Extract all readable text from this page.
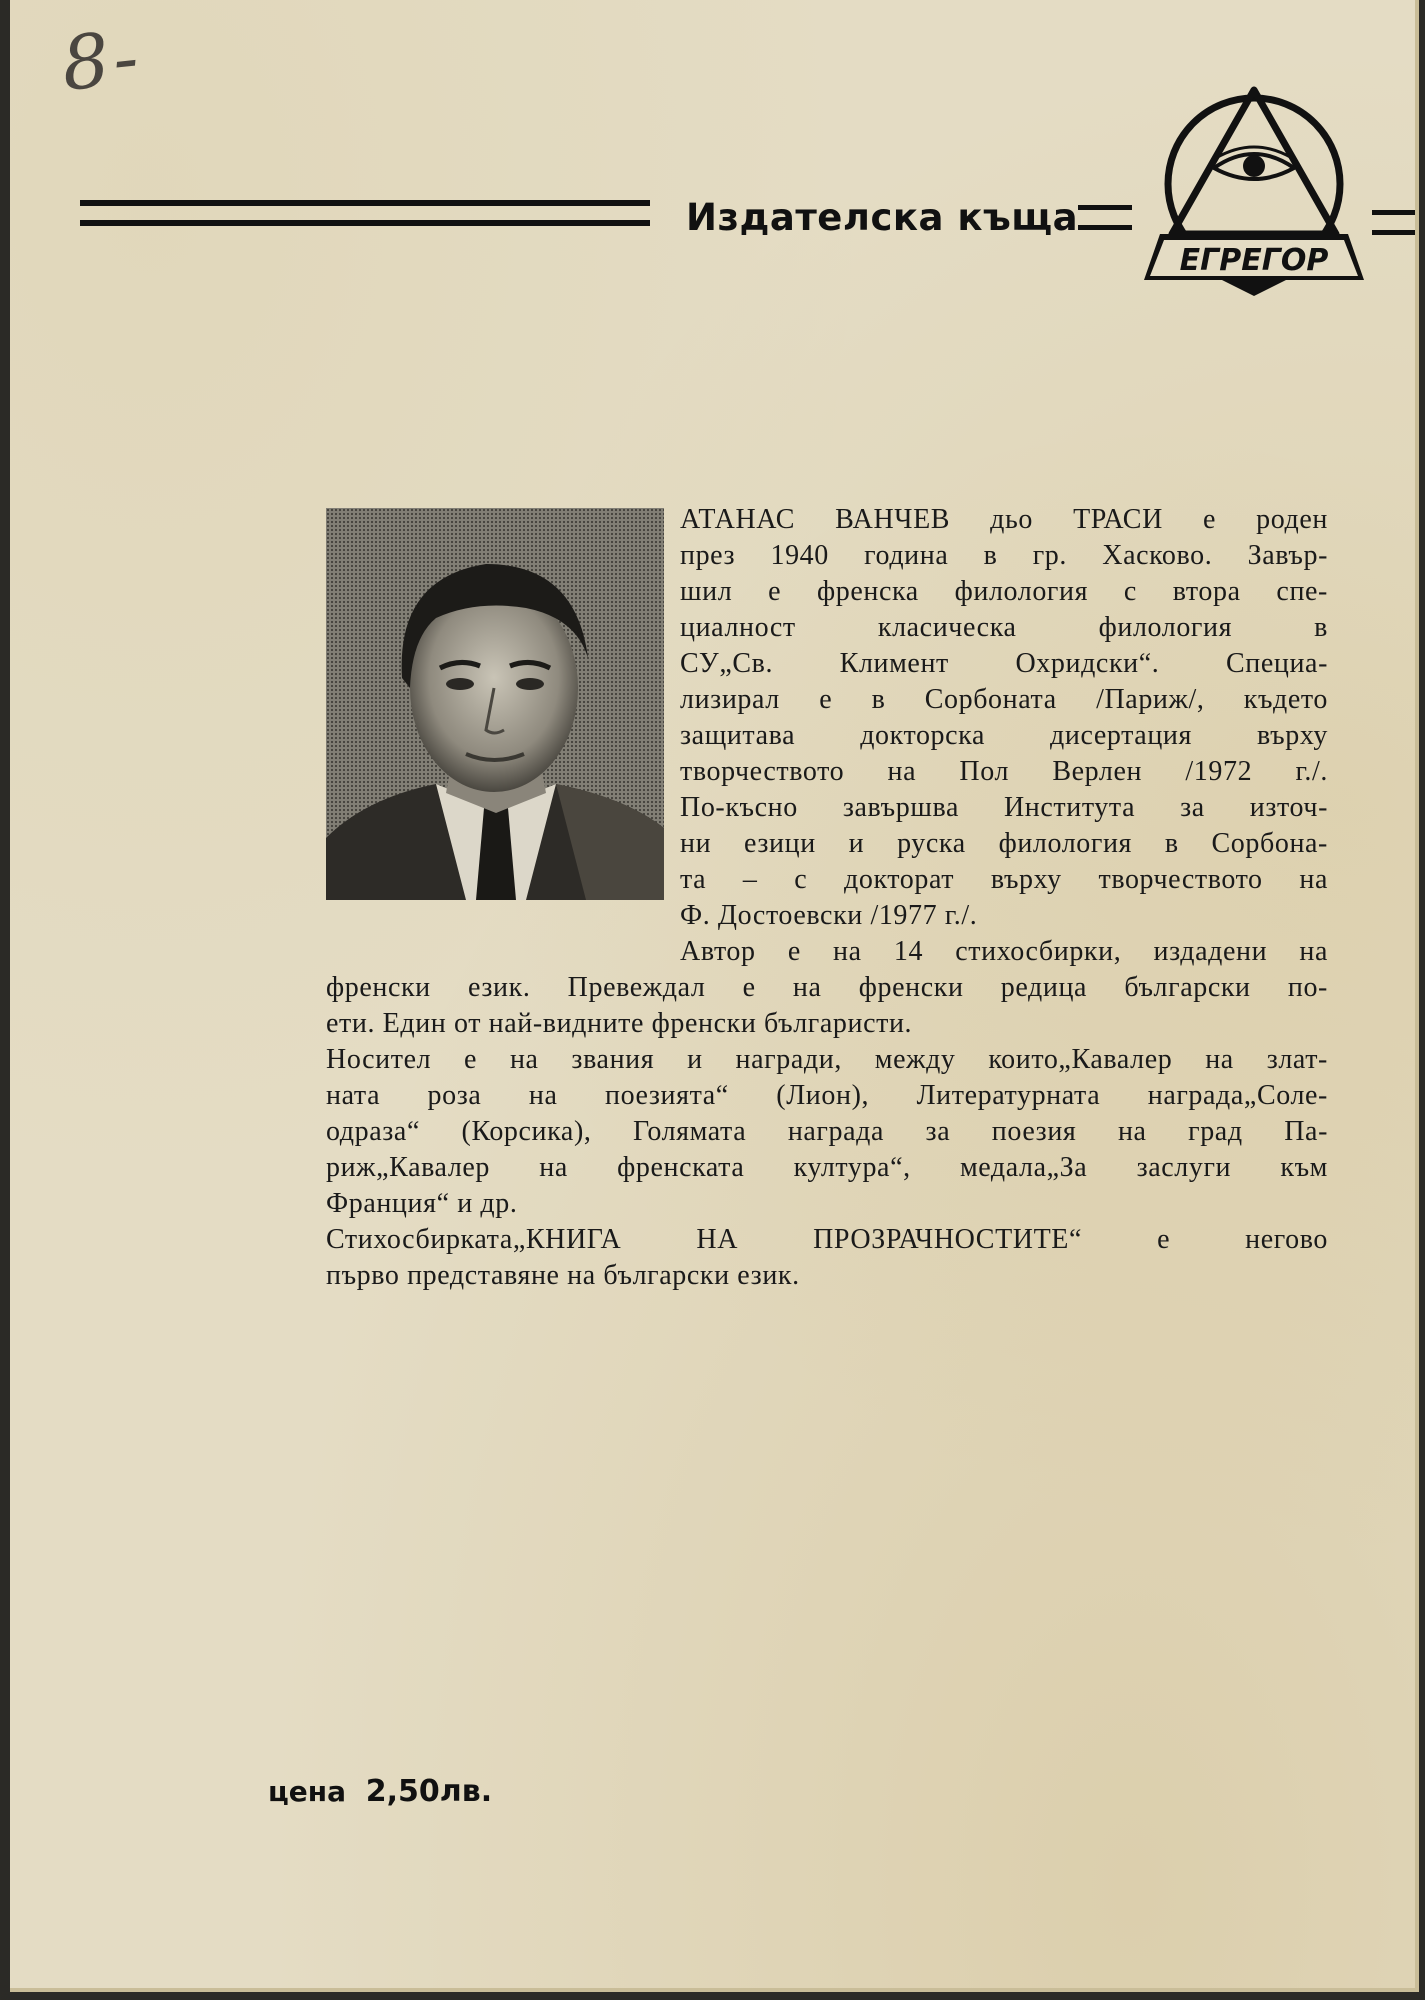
8-
Издателска къща
ЕГРЕГОР
АТАНАС ВАНЧЕВ дьо ТРАСИ е роден
през 1940 година в гр. Хасково. Завър-
шил е френска филология с втора спе-
циалност класическа филология в
СУ„Св. Климент Охридски“. Специа-
лизирал е в Сорбоната /Париж/, където
защитава докторска дисертация върху
творчеството на Пол Верлен /1972 г./.
По-късно завършва Института за източ-
ни езици и руска филология в Сорбона-
та – с докторат върху творчеството на
Ф. Достоевски /1977 г./.
Автор е на 14 стихосбирки, издадени на
френски език. Превеждал е на френски редица български по-
ети. Един от най-видните френски българисти.
Носител е на звания и награди, между които„Кавалер на злат-
ната роза на поезията“ (Лион), Литературната награда„Соле-
одраза“ (Корсика), Голямата награда за поезия на град Па-
риж„Кавалер на френската култура“, медала„За заслуги към
Франция“ и др.
Стихосбирката„КНИГА НА ПРОЗРАЧНОСТИТЕ“ е негово
първо представяне на български език.
цена 2,50лв.
